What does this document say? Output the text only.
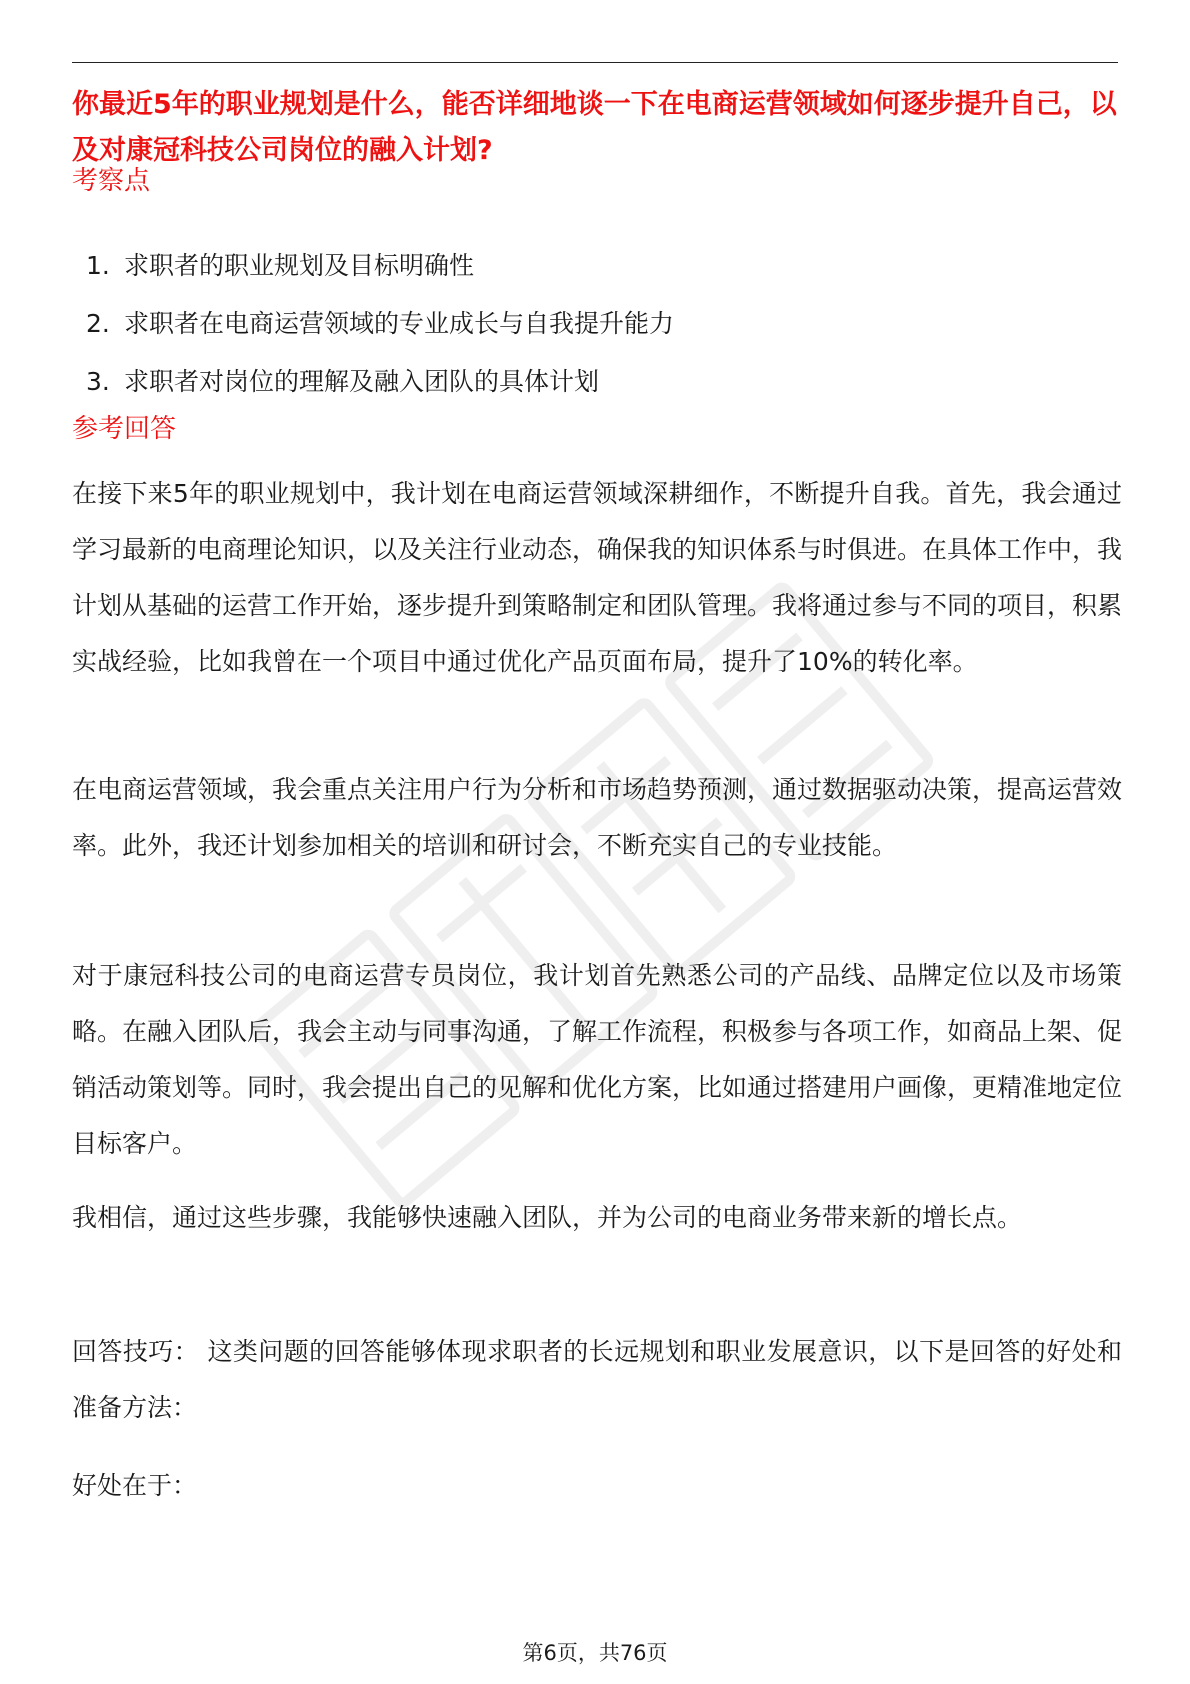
你最近5年的职业规划是什么，能否详细地谈一下在电商运营领域如何逐步提升自己，以及对康冠科技公司岗位的融入计划?

考察点
1. 求职者的职业规划及目标明确性
2. 求职者在电商运营领域的专业成长与自我提升能力
3. 求职者对岗位的理解及融入团队的具体计划
参考回答

在接下来5年的职业规划中，我计划在电商运营领域深耕细作，不断提升自我。首先，我会通过学习最新的电商理论知识，以及关注行业动态，确保我的知识体系与时俱进。在具体工作中，我计划从基础的运营工作开始，逐步提升到策略制定和团队管理。我将通过参与不同的项目，积累实战经验，比如我曾在一个项目中通过优化产品页面布局，提升了10%的转化率。

在电商运营领域，我会重点关注用户行为分析和市场趋势预测，通过数据驱动决策，提高运营效率。此外，我还计划参加相关的培训和研讨会，不断充实自己的专业技能。

对于康冠科技公司的电商运营专员岗位，我计划首先熟悉公司的产品线、品牌定位以及市场策略。在融入团队后，我会主动与同事沟通，了解工作流程，积极参与各项工作，如商品上架、促销活动策划等。同时，我会提出自己的见解和优化方案，比如通过搭建用户画像，更精准地定位目标客户。

我相信，通过这些步骤，我能够快速融入团队，并为公司的电商业务带来新的增长点。

回答技巧： 这类问题的回答能够体现求职者的长远规划和职业发展意识，以下是回答的好处和准备方法：

好处在于：

第6页，共76页
